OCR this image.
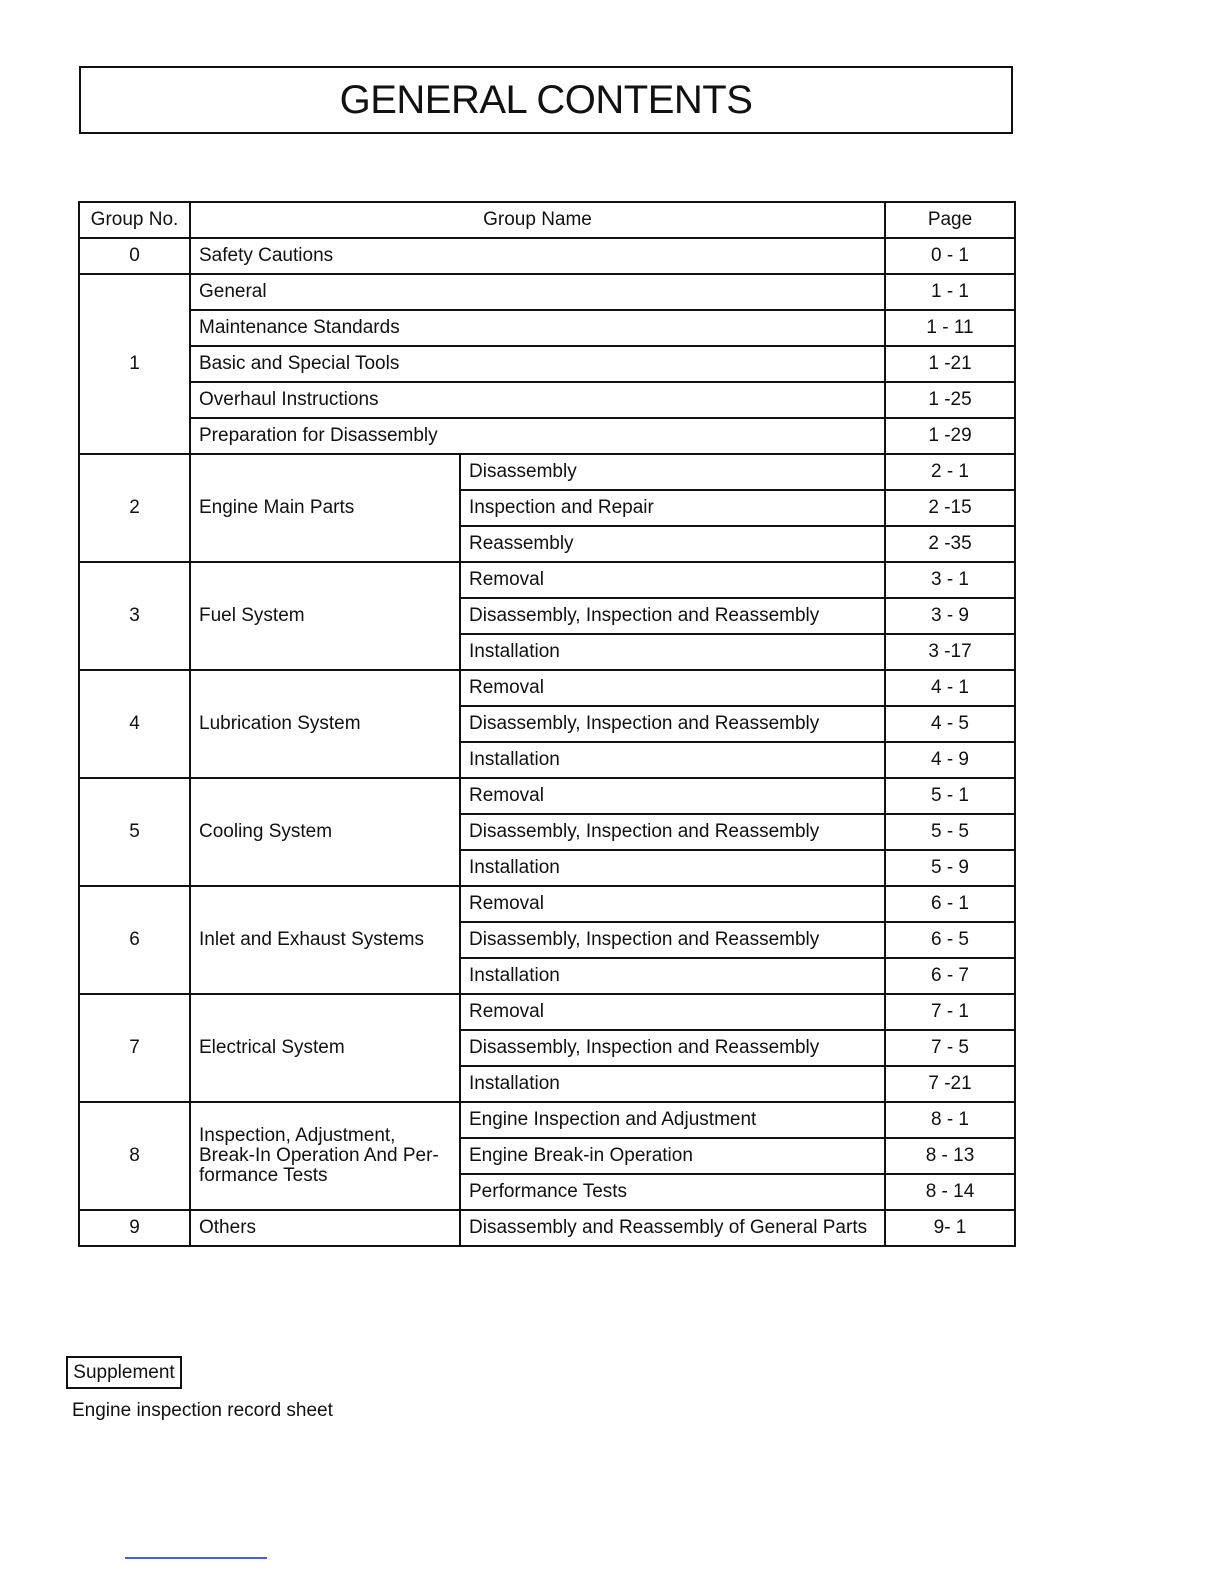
GENERAL CONTENTS
Group No.	Group Name		Page
0	Safety Cautions		0 - 1
1	General		1 - 1
	Maintenance Standards		1 - 11
	Basic and Special Tools		1 -21
	Overhaul Instructions		1 -25
	Preparation for Disassembly		1 -29
2	Engine Main Parts	Disassembly	2 - 1
		Inspection and Repair	2 -15
		Reassembly	2 -35
3	Fuel System	Removal	3 - 1
		Disassembly, Inspection and Reassembly	3 - 9
		Installation	3 -17
4	Lubrication System	Removal	4 - 1
		Disassembly, Inspection and Reassembly	4 - 5
		Installation	4 - 9
5	Cooling System	Removal	5 - 1
		Disassembly, Inspection and Reassembly	5 - 5
		Installation	5 - 9
6	Inlet and Exhaust Systems	Removal	6 - 1
		Disassembly, Inspection and Reassembly	6 - 5
		Installation	6 - 7
7	Electrical System	Removal	7 - 1
		Disassembly, Inspection and Reassembly	7 - 5
		Installation	7 -21
8	Inspection, Adjustment, Break-In Operation And Per-formance Tests	Engine Inspection and Adjustment	8 - 1
		Engine Break-in Operation	8 - 13
		Performance Tests	8 - 14
9	Others	Disassembly and Reassembly of General Parts	9- 1
Supplement
Engine inspection record sheet
